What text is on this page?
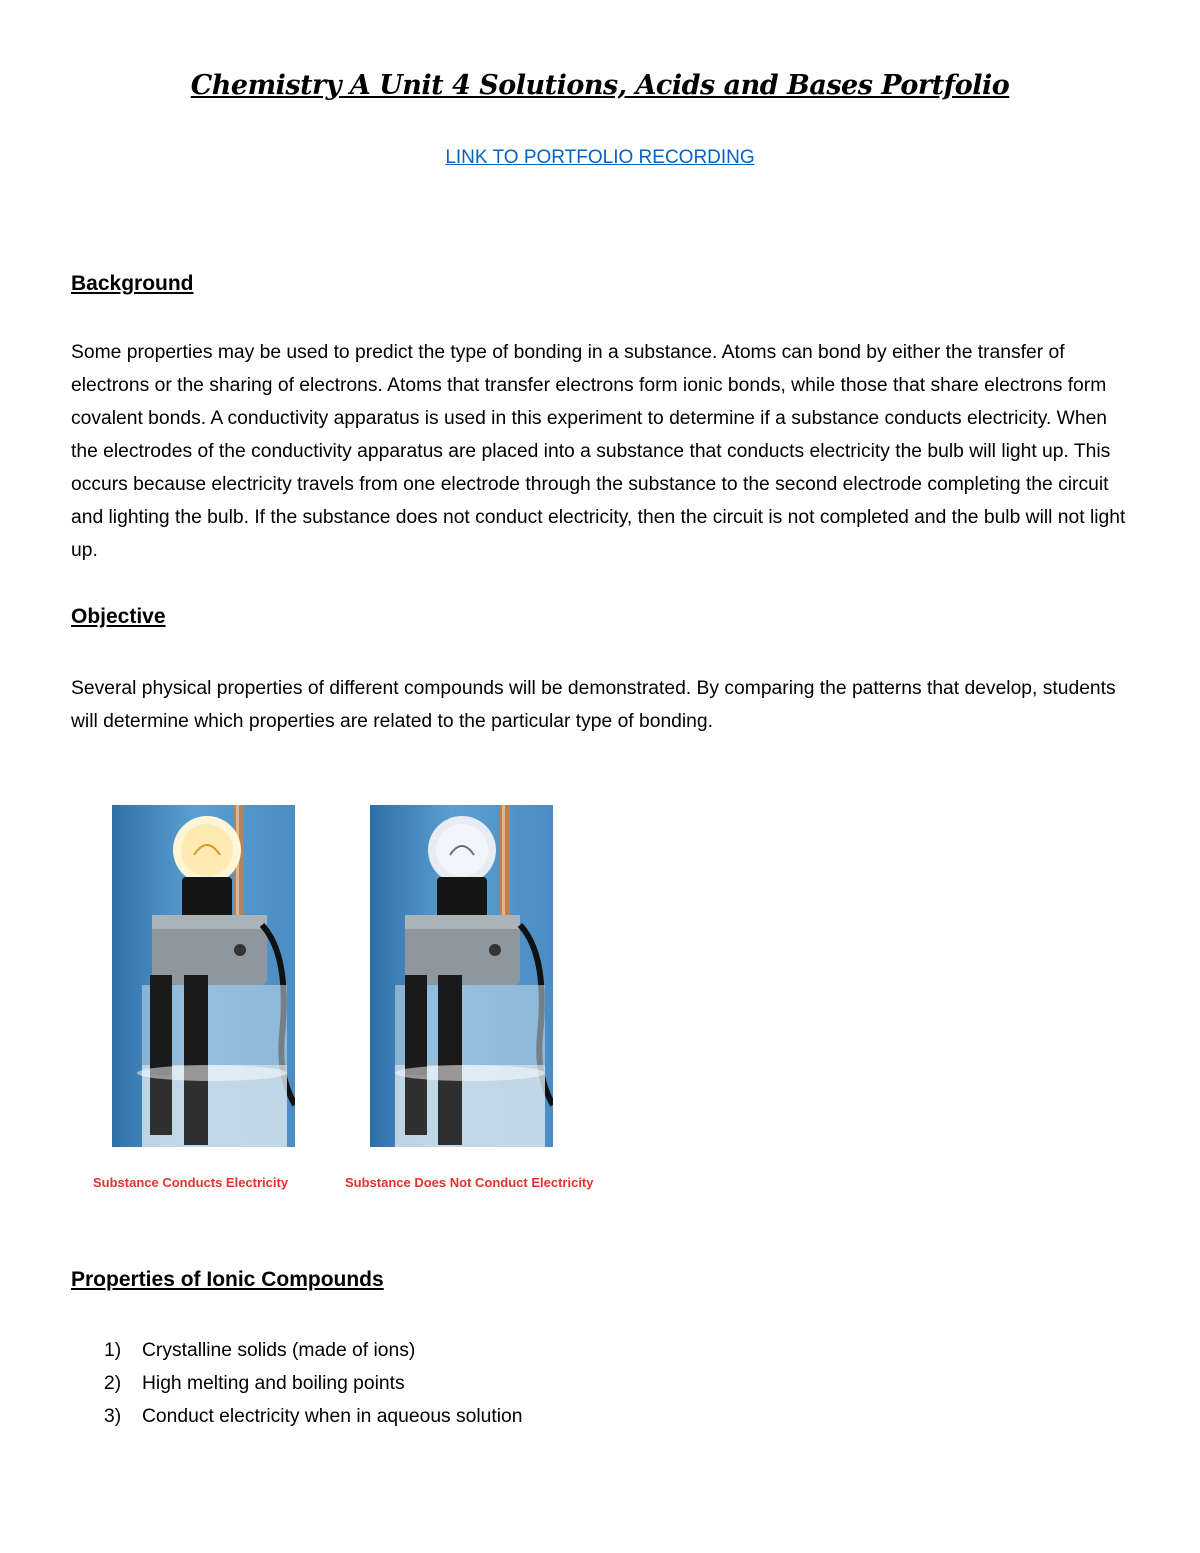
Chemistry A Unit 4 Solutions, Acids and Bases Portfolio
LINK TO PORTFOLIO RECORDING
Background

Some properties may be used to predict the type of bonding in a substance. Atoms can bond by either the transfer of electrons or the sharing of electrons. Atoms that transfer electrons form ionic bonds, while those that share electrons form covalent bonds. A conductivity apparatus is used in this experiment to determine if a substance conducts electricity. When the electrodes of the conductivity apparatus are placed into a substance that conducts electricity the bulb will light up. This occurs because electricity travels from one electrode through the substance to the second electrode completing the circuit and lighting the bulb. If the substance does not conduct electricity, then the circuit is not completed and the bulb will not light up.

Objective

Several physical properties of different compounds will be demonstrated. By comparing the patterns that develop, students will determine which properties are related to the particular type of bonding.

Substance Conducts Electricity	Substance Does Not Conduct Electricity
Properties of Ionic Compounds
1) Crystalline solids (made of ions)
2) High melting and boiling points
3) Conduct electricity when in aqueous solution
